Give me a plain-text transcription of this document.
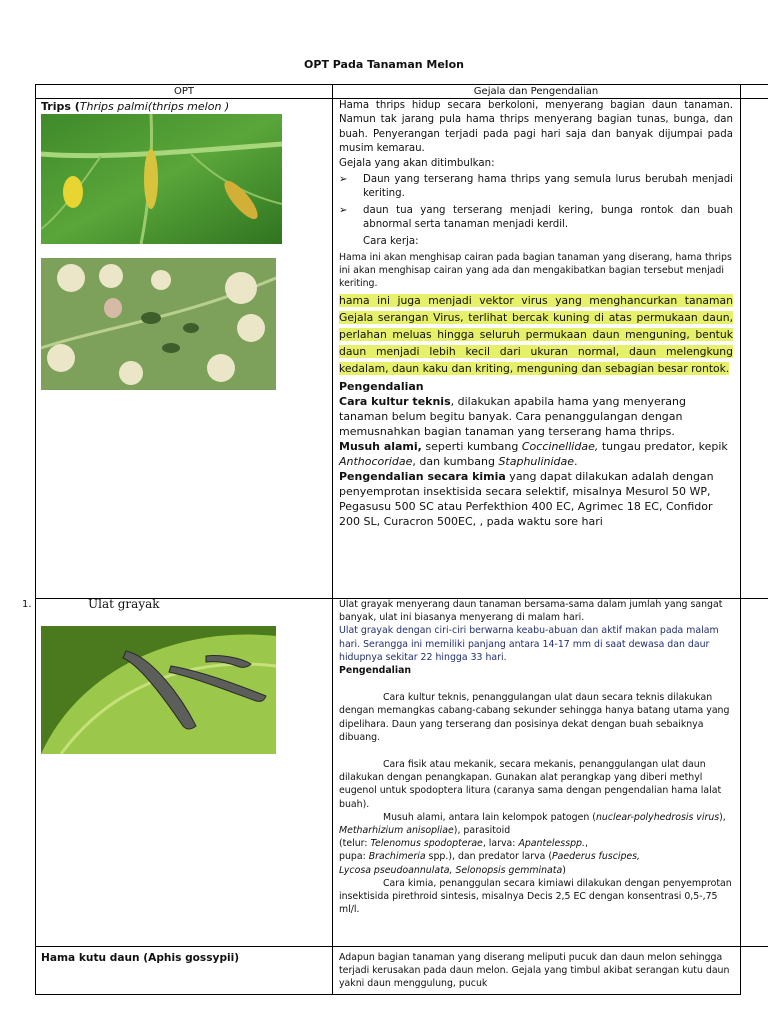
OPT Pada Tanaman Melon
OPT	Gejala dan Pengendalian
Trips (Thrips palmi(thrips melon )	Hama thrips hidup secara berkoloni, menyerang bagian daun tanaman. Namun tak jarang pula hama thrips menyerang bagian tunas, bunga, dan buah. Penyerangan terjadi pada pagi hari saja dan banyak dijumpai pada musim kemarau.

Gejala yang akan ditimbulkan:

➢ Daun yang terserang hama thrips yang semula lurus berubah menjadi keriting.
➢ daun tua yang terserang menjadi kering, bunga rontok dan buah abnormal serta tanaman menjadi kerdil.

Cara kerja:

Hama ini akan menghisap cairan pada bagian tanaman yang diserang, hama thrips ini akan menghisap cairan yang ada dan mengakibatkan bagian tersebut menjadi keriting.

hama ini juga menjadi vektor virus yang menghancurkan tanaman Gejala serangan Virus, terlihat bercak kuning di atas permukaan daun, perlahan meluas hingga seluruh permukaan daun menguning, bentuk daun menjadi lebih kecil dari ukuran normal, daun melengkung kedalam, daun kaku dan kriting, menguning dan sebagian besar rontok.

Pengendalian

Cara kultur teknis, dilakukan apabila hama yang menyerang tanaman belum begitu banyak. Cara penanggulangan dengan memusnahkan bagian tanaman yang terserang hama thrips.

Musuh alami, seperti kumbang Coccinellidae, tungau predator, kepik Anthocoridae, dan kumbang Staphulinidae.

Pengendalian secara kimia yang dapat dilakukan adalah dengan penyemprotan insektisida secara selektif, misalnya Mesurol 50 WP, Pegasusu 500 SC atau Perfekthion 400 EC, Agrimec 18 EC, Confidor 200 SL, Curacron 500EC, , pada waktu sore hari

1.	Ulat grayak	Ulat grayak menyerang daun tanaman bersama-sama dalam jumlah yang sangat banyak, ulat ini biasanya menyerang di malam hari.

Ulat grayak dengan ciri-ciri berwarna keabu-abuan dan aktif makan pada malam hari. Serangga ini memiliki panjang antara 14-17 mm di saat dewasa dan daur hidupnya sekitar 22 hingga 33 hari.

Pengendalian

Cara kultur teknis, penanggulangan ulat daun secara teknis dilakukan dengan memangkas cabang-cabang sekunder sehingga hanya batang utama yang dipelihara. Daun yang terserang dan posisinya dekat dengan buah sebaiknya dibuang.

Cara fisik atau mekanik, secara mekanis, penanggulangan ulat daun dilakukan dengan penangkapan. Gunakan alat perangkap yang diberi methyl eugenol untuk spodoptera litura (caranya sama dengan pengendalian hama lalat buah).

Musuh alami, antara lain kelompok patogen (nuclear-polyhedrosis virus), Metharhizium anisopliae), parasitoid

(telur: Telenomus spodopterae, larva: Apantelesspp.,

pupa: Brachimeria spp.), dan predator larva (Paederus fuscipes,

Lycosa pseudoannulata, Selonopsis gemminata)

Cara kimia, penanggulan secara kimiawi dilakukan dengan penyemprotan insektisida pirethroid sintesis, misalnya Decis 2,5 EC dengan konsentrasi 0,5-,75 ml/l.

Hama kutu daun (Aphis gossypii)	Adapun bagian tanaman yang diserang meliputi pucuk dan daun melon sehingga terjadi kerusakan pada daun melon. Gejala yang timbul akibat serangan kutu daun yakni daun menggulung, pucuk
